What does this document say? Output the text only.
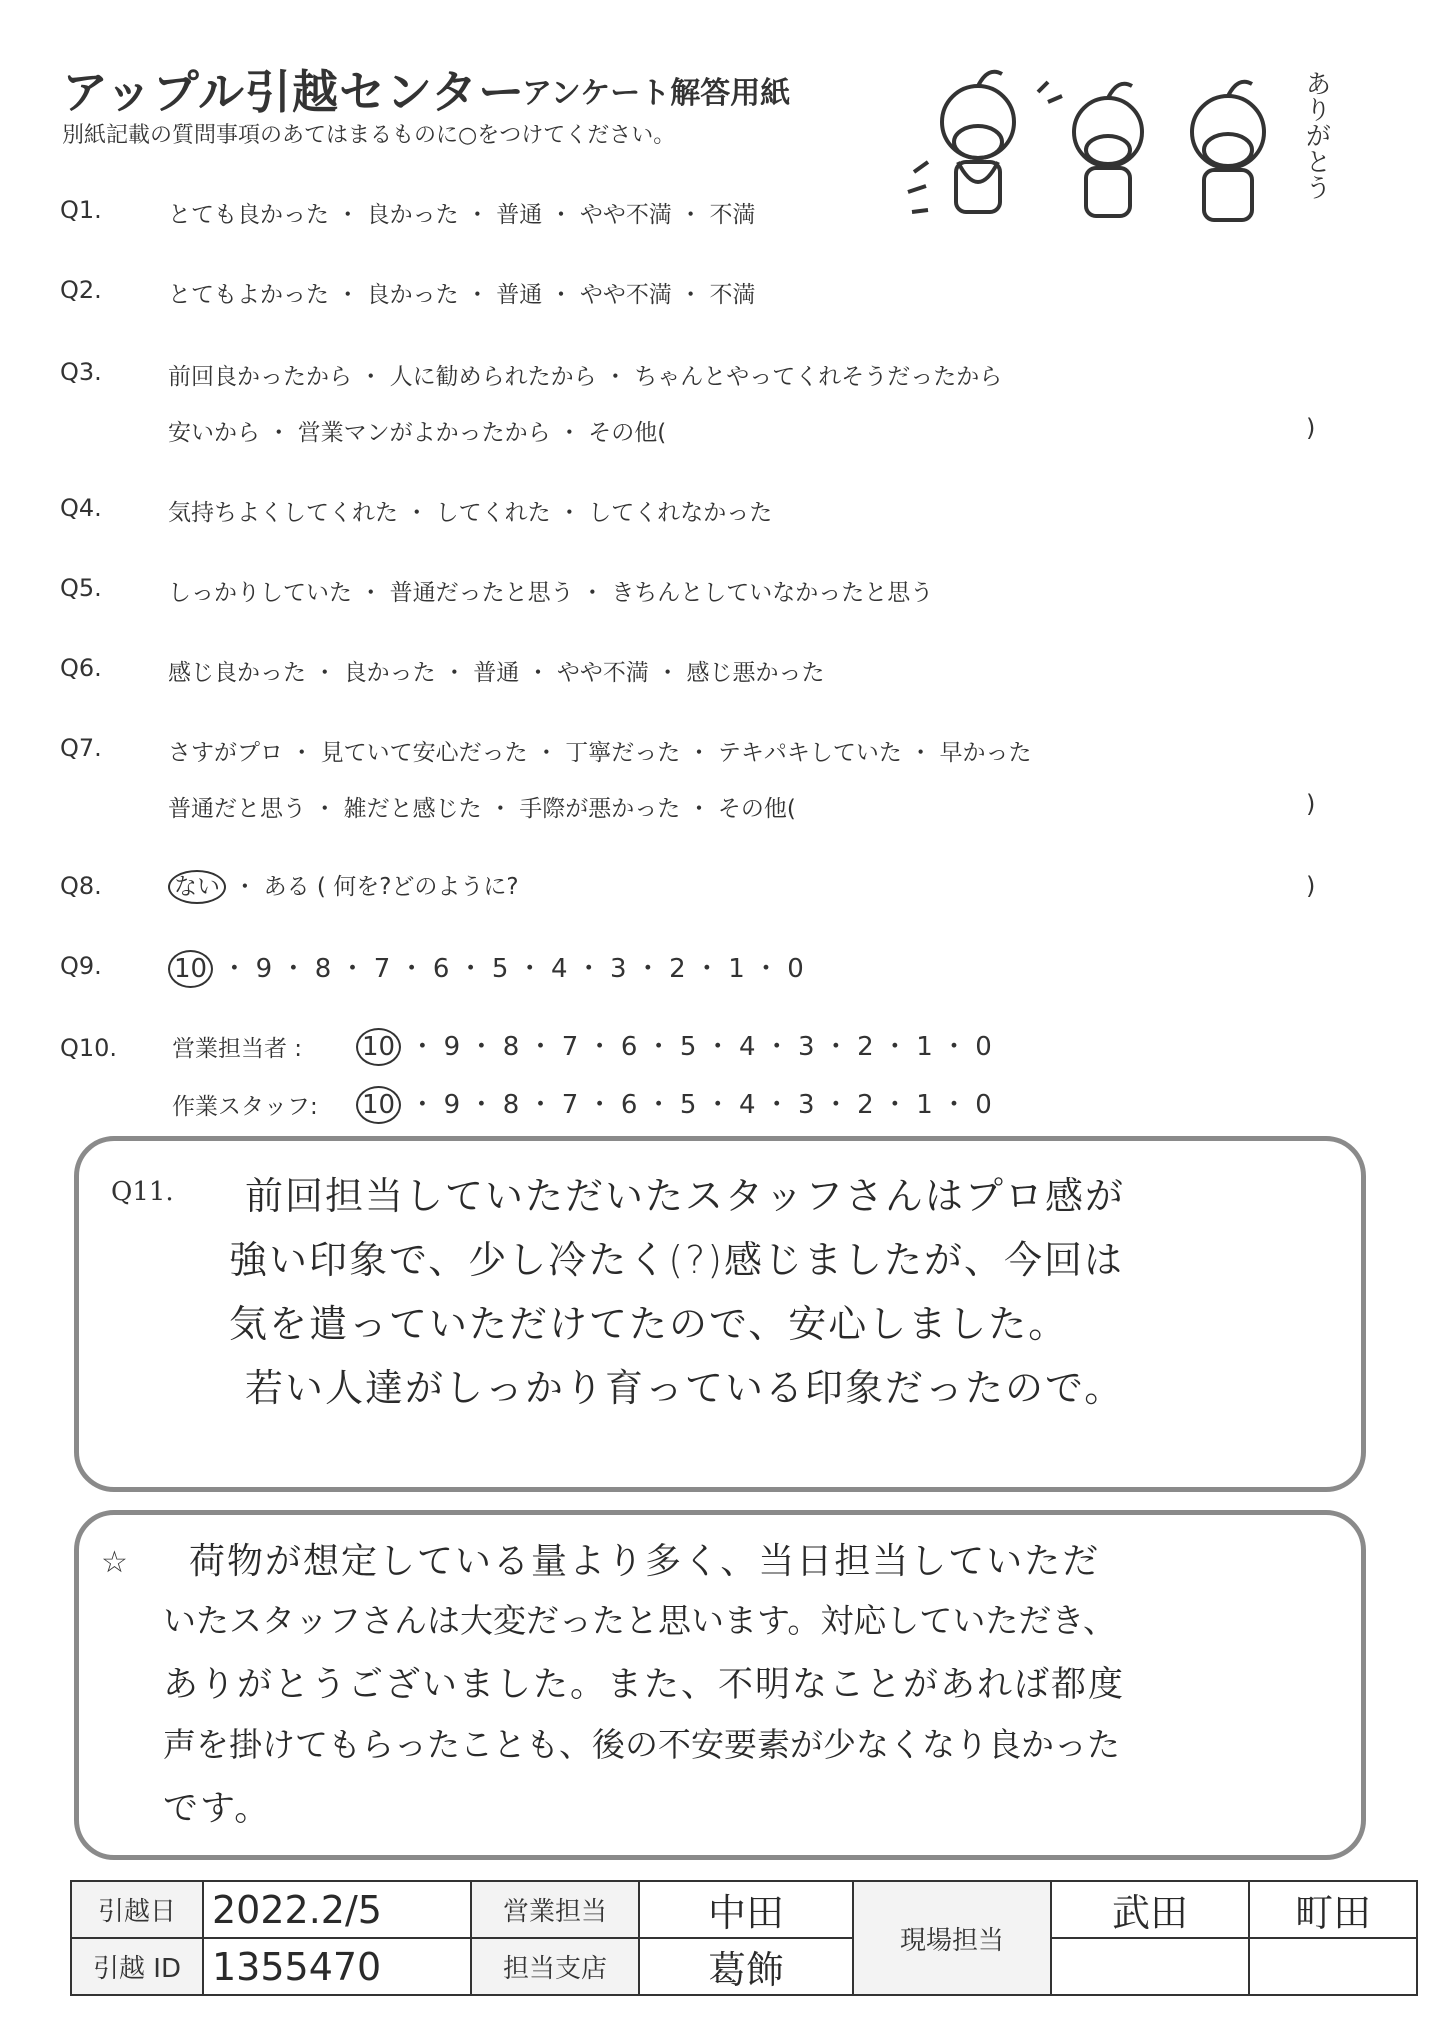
アップル引越センター
アンケート解答用紙
別紙記載の質問事項のあてはまるものに○をつけてください。	ありがとう
Q1.	とても良かった ・ 良かった ・ 普通 ・ やや不満 ・ 不満
Q2.	とてもよかった ・ 良かった ・ 普通 ・ やや不満 ・ 不満
Q3.	前回良かったから ・ 人に勧められたから ・ ちゃんとやってくれそうだったから
安いから ・ 営業マンがよかったから ・ その他(	)
Q4.	気持ちよくしてくれた ・ してくれた ・ してくれなかった
Q5.	しっかりしていた ・ 普通だったと思う ・ きちんとしていなかったと思う
Q6.	感じ良かった ・ 良かった ・ 普通 ・ やや不満 ・ 感じ悪かった
Q7.	さすがプロ ・ 見ていて安心だった ・ 丁寧だった ・ テキパキしていた ・ 早かった
普通だと思う ・ 雑だと感じた ・ 手際が悪かった ・ その他(	)
Q8.	ない ・ ある ( 何を?どのように?	)
Q9.	10 ・ 9 ・ 8 ・ 7 ・ 6 ・ 5 ・ 4 ・ 3 ・ 2 ・ 1 ・ 0
Q10. 営業担当者 : 10 ・ 9 ・ 8 ・ 7 ・ 6 ・ 5 ・ 4 ・ 3 ・ 2 ・ 1 ・ 0
作業スタッフ: 10 ・ 9 ・ 8 ・ 7 ・ 6 ・ 5 ・ 4 ・ 3 ・ 2 ・ 1 ・ 0
Q11. 前回担当していただいたスタッフさんはプロ感が
強い印象で、少し冷たく(?)感じましたが、今回は
気を遣っていただけてたので、安心しました。
若い人達がしっかり育っている印象だったので。
☆ 荷物が想定している量より多く、当日担当していただ
いたスタッフさんは大変だったと思います。対応していただき、
ありがとうございました。また、不明なことがあれば都度
声を掛けてもらったことも、後の不安要素が少なくなり良かった
です。
引越日	2022.2/5	営業担当	中田	現場担当	武田	町田
引越 ID	1355470	担当支店	葛飾			
